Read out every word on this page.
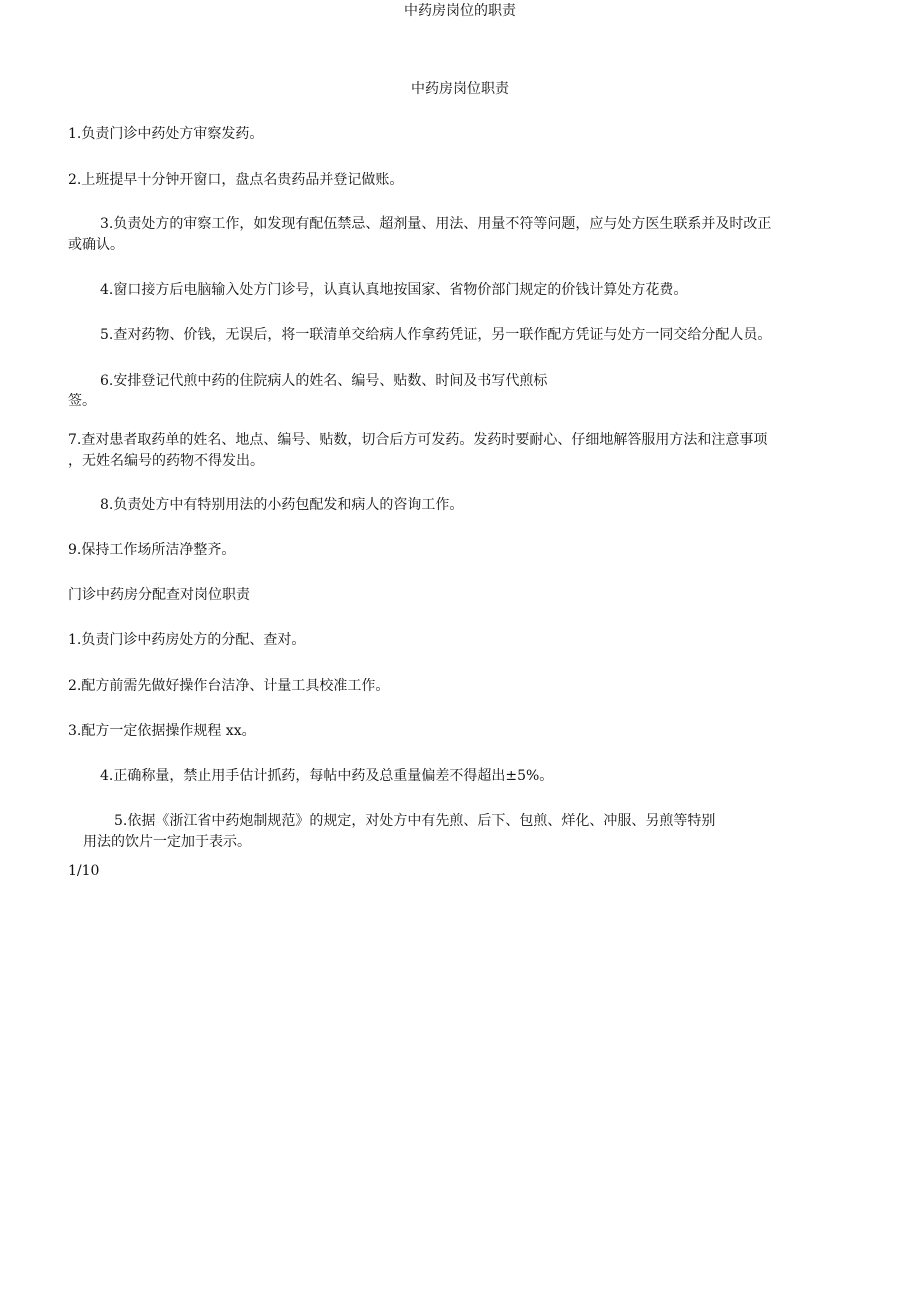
中药房岗位的职责
中药房岗位职责
1.负责门诊中药处方审察发药。
2.上班提早十分钟开窗口，盘点名贵药品并登记做账。
3.负责处方的审察工作，如发现有配伍禁忌、超剂量、用法、用量不符等问题，应与处方医生联系并及时改正
或确认。
4.窗口接方后电脑输入处方门诊号，认真认真地按国家、省物价部门规定的价钱计算处方花费。
5.查对药物、价钱，无误后，将一联清单交给病人作拿药凭证，另一联作配方凭证与处方一同交给分配人员。
6.安排登记代煎中药的住院病人的姓名、编号、贴数、时间及书写代煎标
签。
7.查对患者取药单的姓名、地点、编号、贴数，切合后方可发药。发药时要耐心、仔细地解答服用方法和注意事项
，无姓名编号的药物不得发出。
8.负责处方中有特别用法的小药包配发和病人的咨询工作。
9.保持工作场所洁净整齐。
门诊中药房分配查对岗位职责
1.负责门诊中药房处方的分配、查对。
2.配方前需先做好操作台洁净、计量工具校准工作。
3.配方一定依据操作规程 xx。
4.正确称量，禁止用手估计抓药，每帖中药及总重量偏差不得超出±5%。
5.依据《浙江省中药炮制规范》的规定，对处方中有先煎、后下、包煎、烊化、冲服、另煎等特别
用法的饮片一定加于表示。
1/10
